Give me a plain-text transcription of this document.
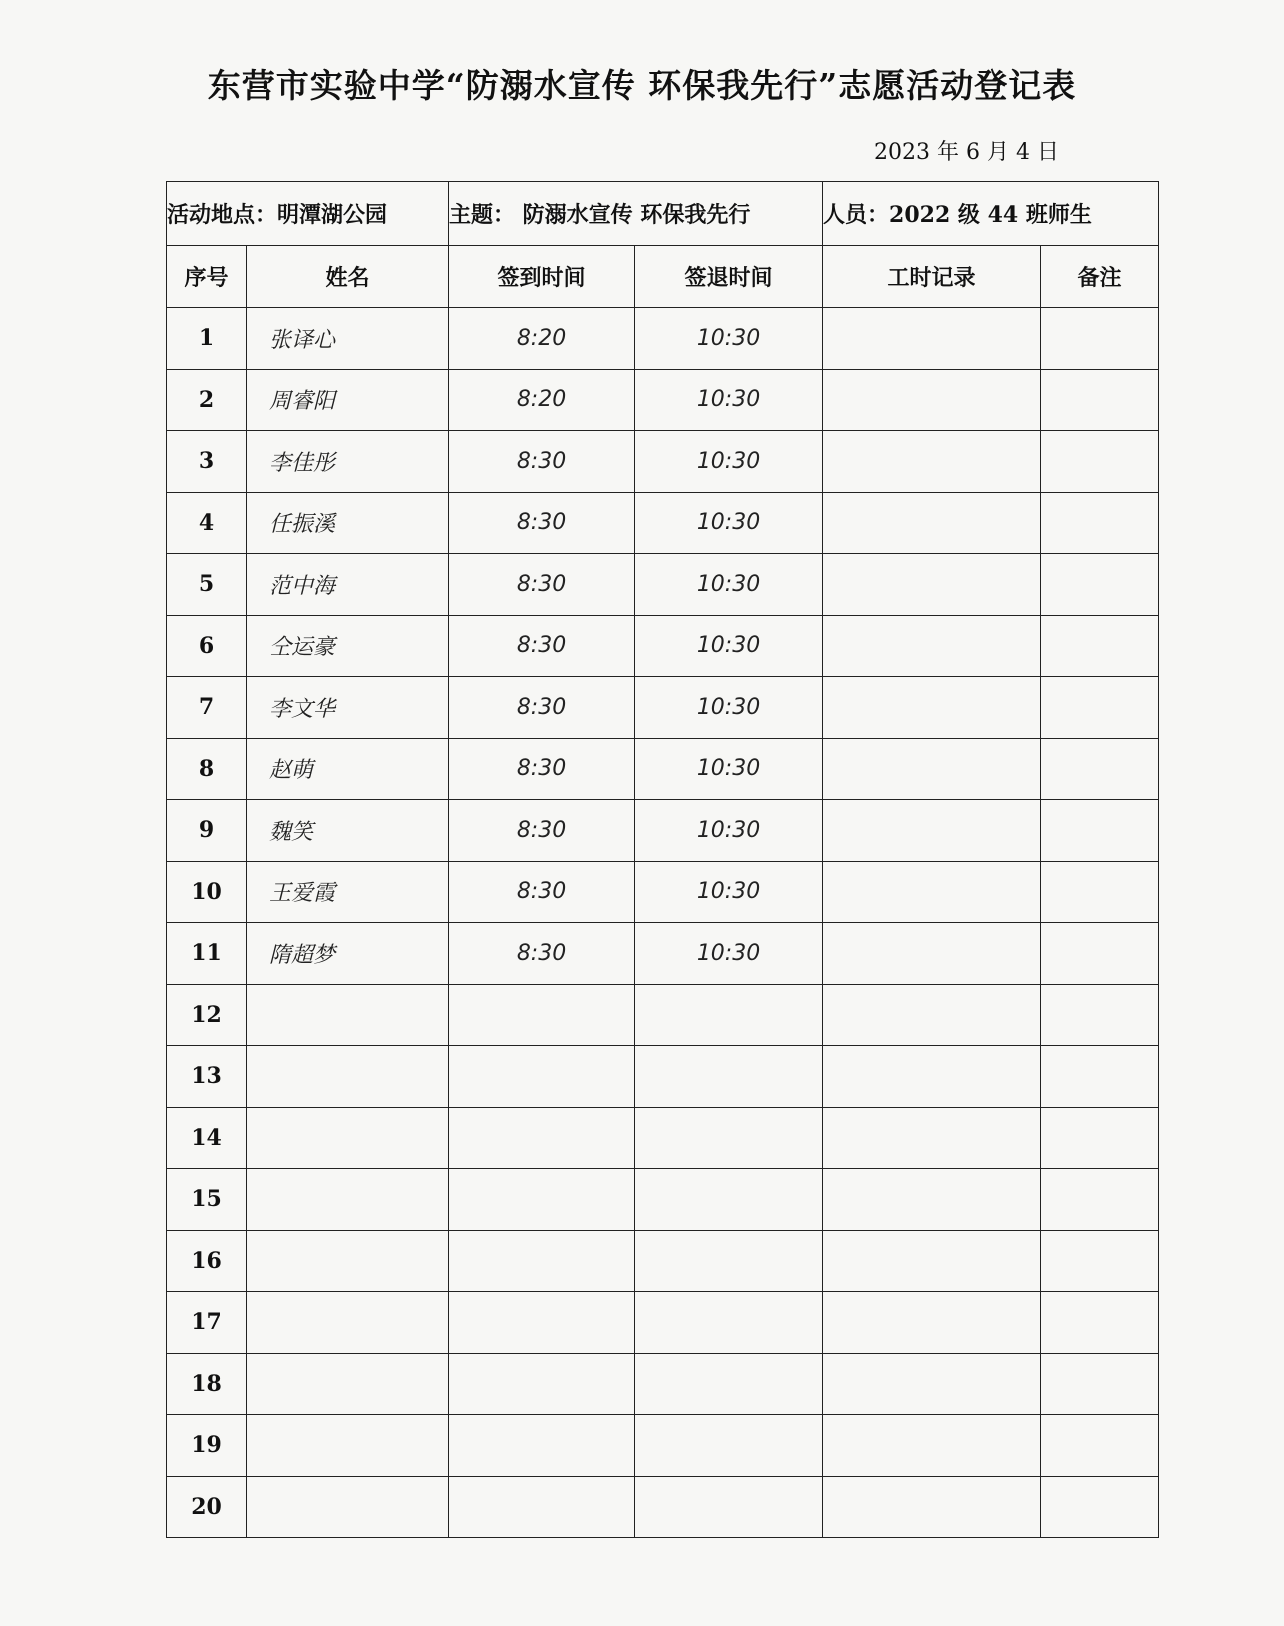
东营市实验中学“防溺水宣传 环保我先行”志愿活动登记表
2023 年 6 月 4 日
活动地点：明潭湖公园		主题： 防溺水宣传 环保我先行		人员：2022 级 44 班师生	
序号	姓名	签到时间	签退时间	工时记录	备注
1	张译心	8:20	10:30		
2	周睿阳	8:20	10:30		
3	李佳彤	8:30	10:30		
4	任振溪	8:30	10:30		
5	范中海	8:30	10:30		
6	仝运豪	8:30	10:30		
7	李文华	8:30	10:30		
8	赵萌	8:30	10:30		
9	魏笑	8:30	10:30		
10	王爱霞	8:30	10:30		
11	隋超梦	8:30	10:30		
12					
13					
14					
15					
16					
17					
18					
19					
20					
